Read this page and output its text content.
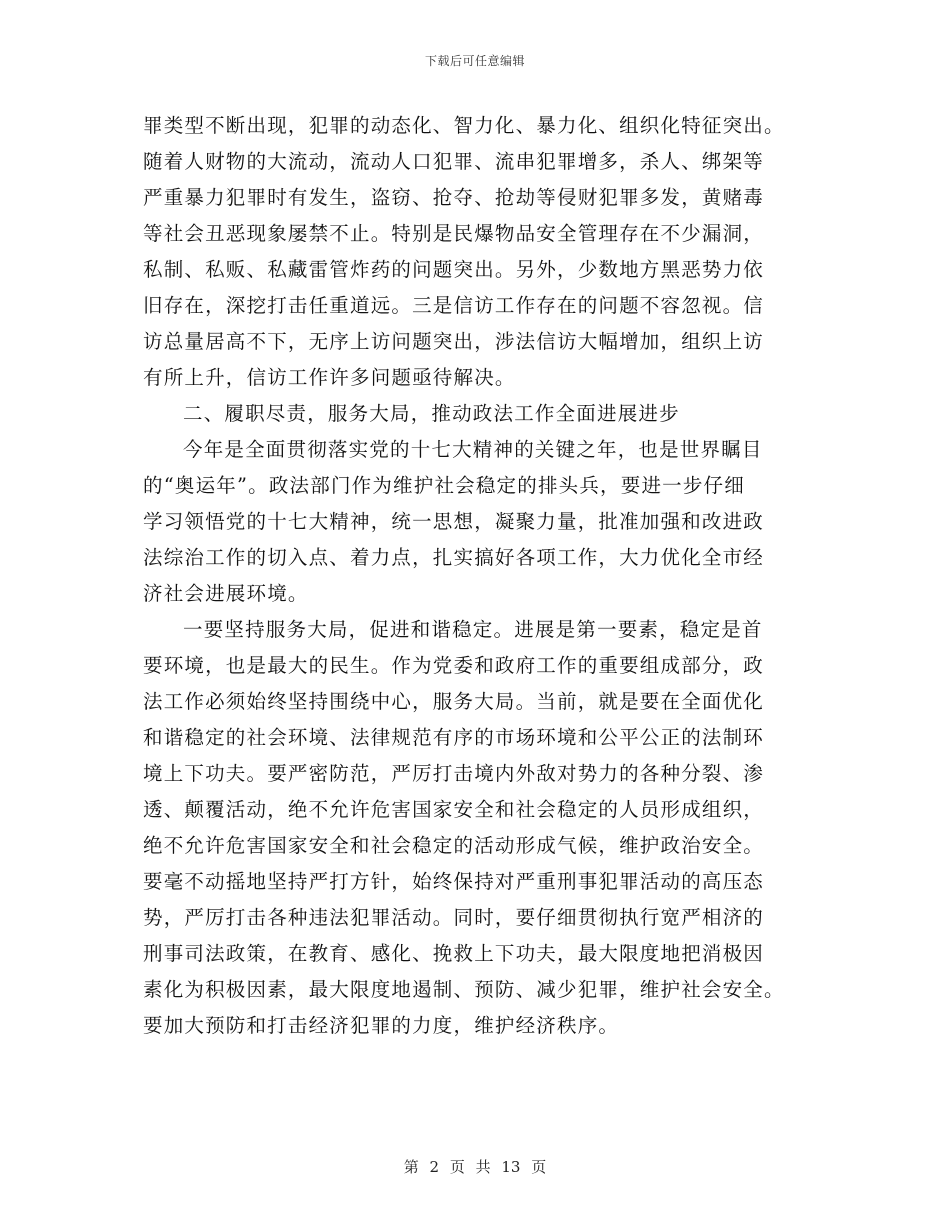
下载后可任意编辑
罪类型不断出现，犯罪的动态化、智力化、暴力化、组织化特征突出。
随着人财物的大流动，流动人口犯罪、流串犯罪增多，杀人、绑架等
严重暴力犯罪时有发生，盗窃、抢夺、抢劫等侵财犯罪多发，黄赌毒
等社会丑恶现象屡禁不止。特别是民爆物品安全管理存在不少漏洞，
私制、私贩、私藏雷管炸药的问题突出。另外，少数地方黑恶势力依
旧存在，深挖打击任重道远。三是信访工作存在的问题不容忽视。信
访总量居高不下，无序上访问题突出，涉法信访大幅增加，组织上访
有所上升，信访工作许多问题亟待解决。
二、履职尽责，服务大局，推动政法工作全面进展进步
今年是全面贯彻落实党的十七大精神的关键之年，也是世界瞩目
的“奥运年”。政法部门作为维护社会稳定的排头兵，要进一步仔细
学习领悟党的十七大精神，统一思想，凝聚力量，批准加强和改进政
法综治工作的切入点、着力点，扎实搞好各项工作，大力优化全市经
济社会进展环境。
一要坚持服务大局，促进和谐稳定。进展是第一要素，稳定是首
要环境，也是最大的民生。作为党委和政府工作的重要组成部分，政
法工作必须始终坚持围绕中心，服务大局。当前，就是要在全面优化
和谐稳定的社会环境、法律规范有序的市场环境和公平公正的法制环
境上下功夫。要严密防范，严厉打击境内外敌对势力的各种分裂、渗
透、颠覆活动，绝不允许危害国家安全和社会稳定的人员形成组织，
绝不允许危害国家安全和社会稳定的活动形成气候，维护政治安全。
要毫不动摇地坚持严打方针，始终保持对严重刑事犯罪活动的高压态
势，严厉打击各种违法犯罪活动。同时，要仔细贯彻执行宽严相济的
刑事司法政策，在教育、感化、挽救上下功夫，最大限度地把消极因
素化为积极因素，最大限度地遏制、预防、减少犯罪，维护社会安全。
要加大预防和打击经济犯罪的力度，维护经济秩序。
第 2 页 共 13 页
